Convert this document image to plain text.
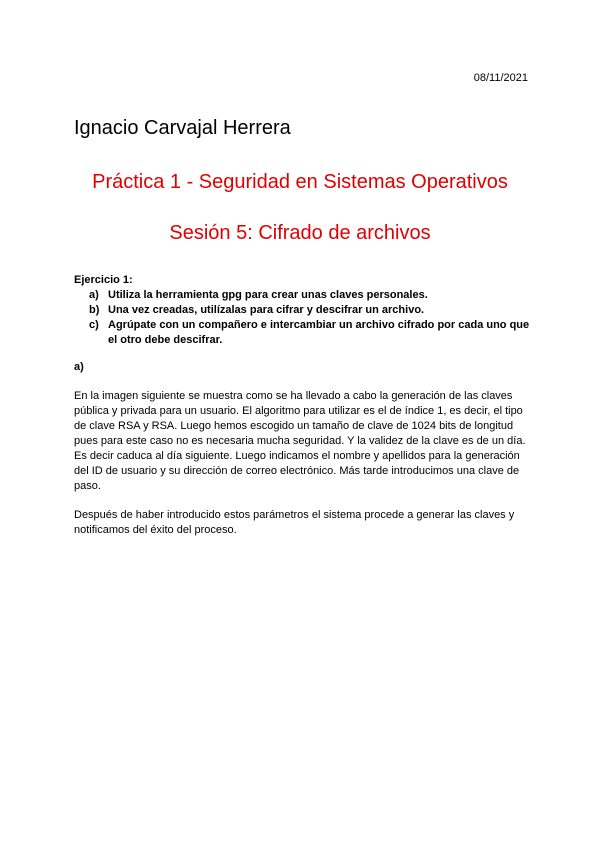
08/11/2021
Ignacio Carvajal Herrera
Práctica 1 - Seguridad en Sistemas Operativos
Sesión 5: Cifrado de archivos
Ejercicio 1:
a) Utiliza la herramienta gpg para crear unas claves personales.
b) Una vez creadas, utilízalas para cifrar y descifrar un archivo.
c) Agrúpate con un compañero e intercambiar un archivo cifrado por cada uno que el otro debe descifrar.
a)
En la imagen siguiente se muestra como se ha llevado a cabo la generación de las claves pública y privada para un usuario. El algoritmo para utilizar es el de índice 1, es decir, el tipo de clave RSA y RSA. Luego hemos escogido un tamaño de clave de 1024 bits de longitud pues para este caso no es necesaria mucha seguridad. Y la validez de la clave es de un día. Es decir caduca al día siguiente. Luego indicamos el nombre y apellidos para la generación del ID de usuario y su dirección de correo electrónico. Más tarde introducimos una clave de paso.
Después de haber introducido estos parámetros el sistema procede a generar las claves y notificamos del éxito del proceso.
